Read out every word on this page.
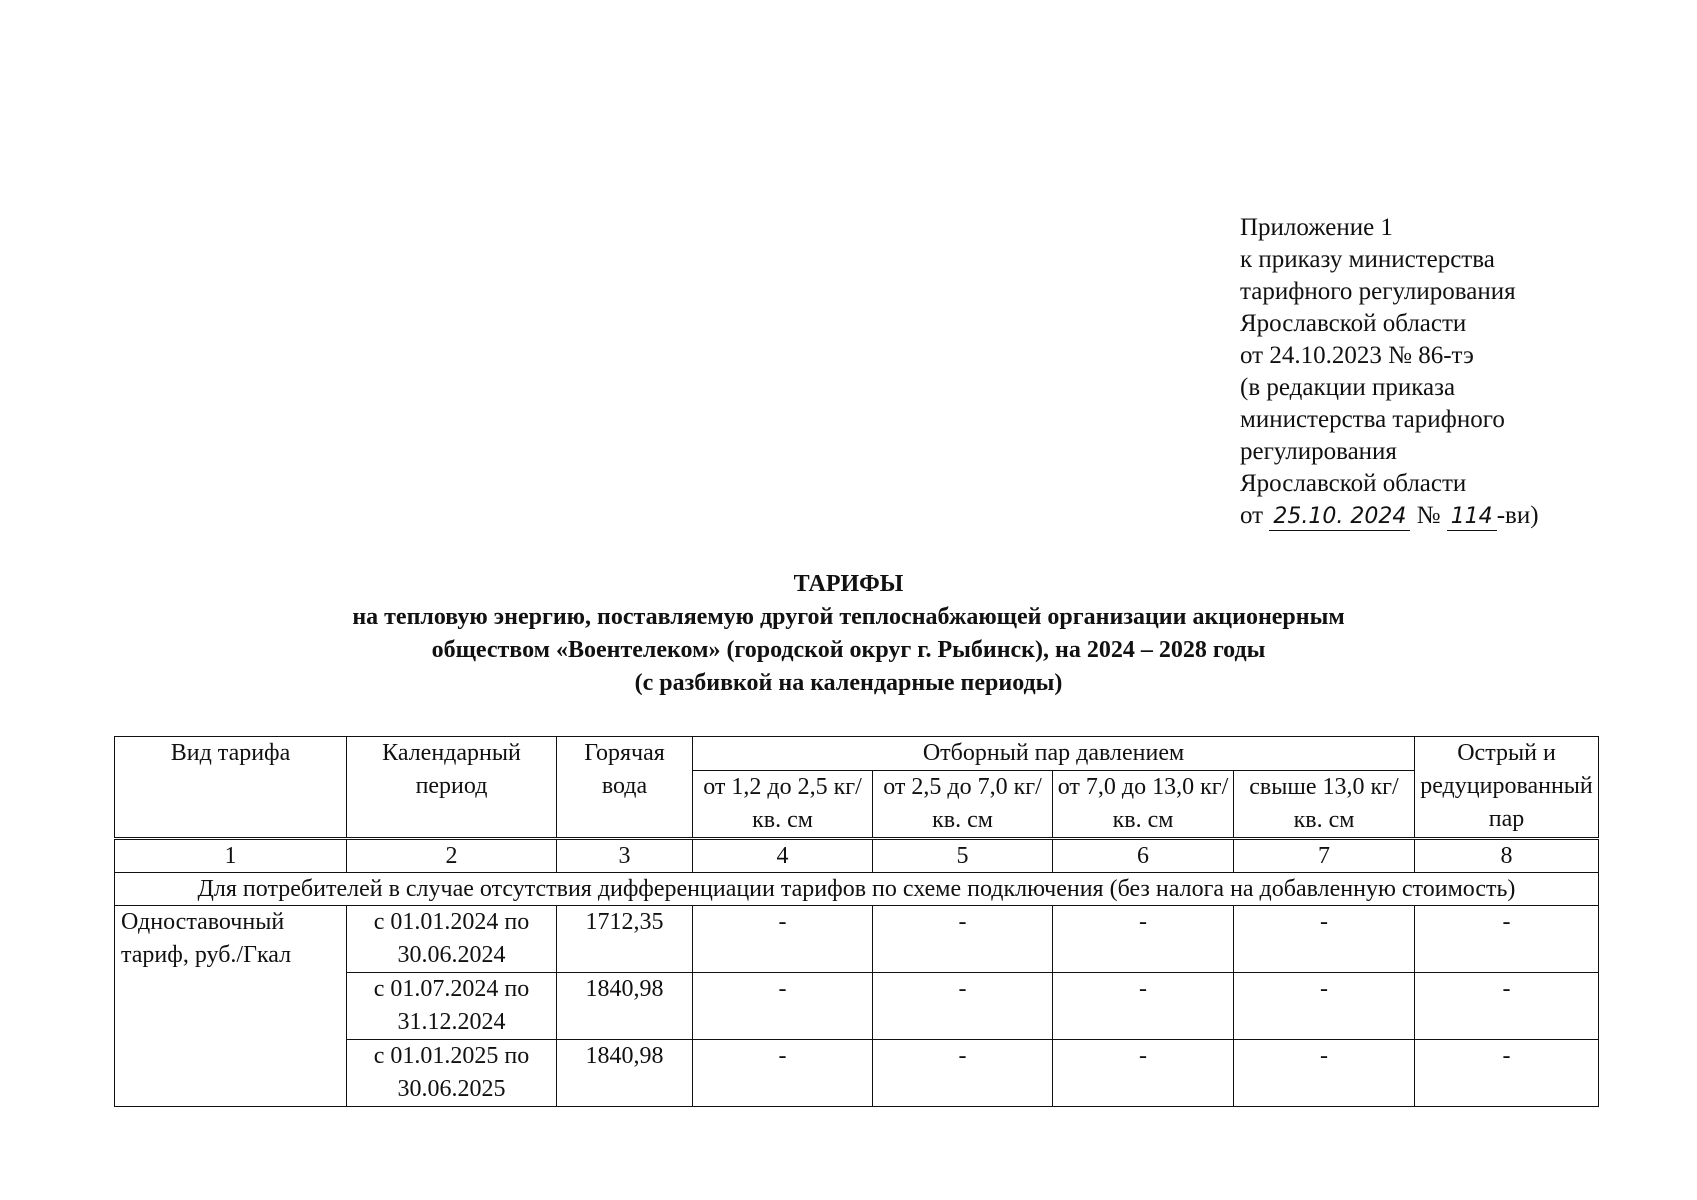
Приложение 1
к приказу министерства
тарифного регулирования
Ярославской области
от 24.10.2023 № 86-тэ
(в редакции приказа
министерства тарифного
регулирования
Ярославской области
от 25.10. 2024 № 114 -ви)
ТАРИФЫ
на тепловую энергию, поставляемую другой теплоснабжающей организации акционерным
обществом «Воентелеком» (городской округ г. Рыбинск), на 2024 – 2028 годы
(с разбивкой на календарные периоды)
Вид тарифа	Календарный период	Горячая вода	Отборный пар давлением				Острый и редуцированный пар
			от 1,2 до 2,5 кг/ кв. см	от 2,5 до 7,0 кг/ кв. см	от 7,0 до 13,0 кг/ кв. см	свыше 13,0 кг/ кв. см	
1	2	3	4	5	6	7	8
Для потребителей в случае отсутствия дифференциации тарифов по схеме подключения (без налога на добавленную стоимость)							
Одноставочный тариф, руб./Гкал	с 01.01.2024 по 30.06.2024	1712,35	-	-	-	-	-
	с 01.07.2024 по 31.12.2024	1840,98	-	-	-	-	-
	с 01.01.2025 по 30.06.2025	1840,98	-	-	-	-	-
